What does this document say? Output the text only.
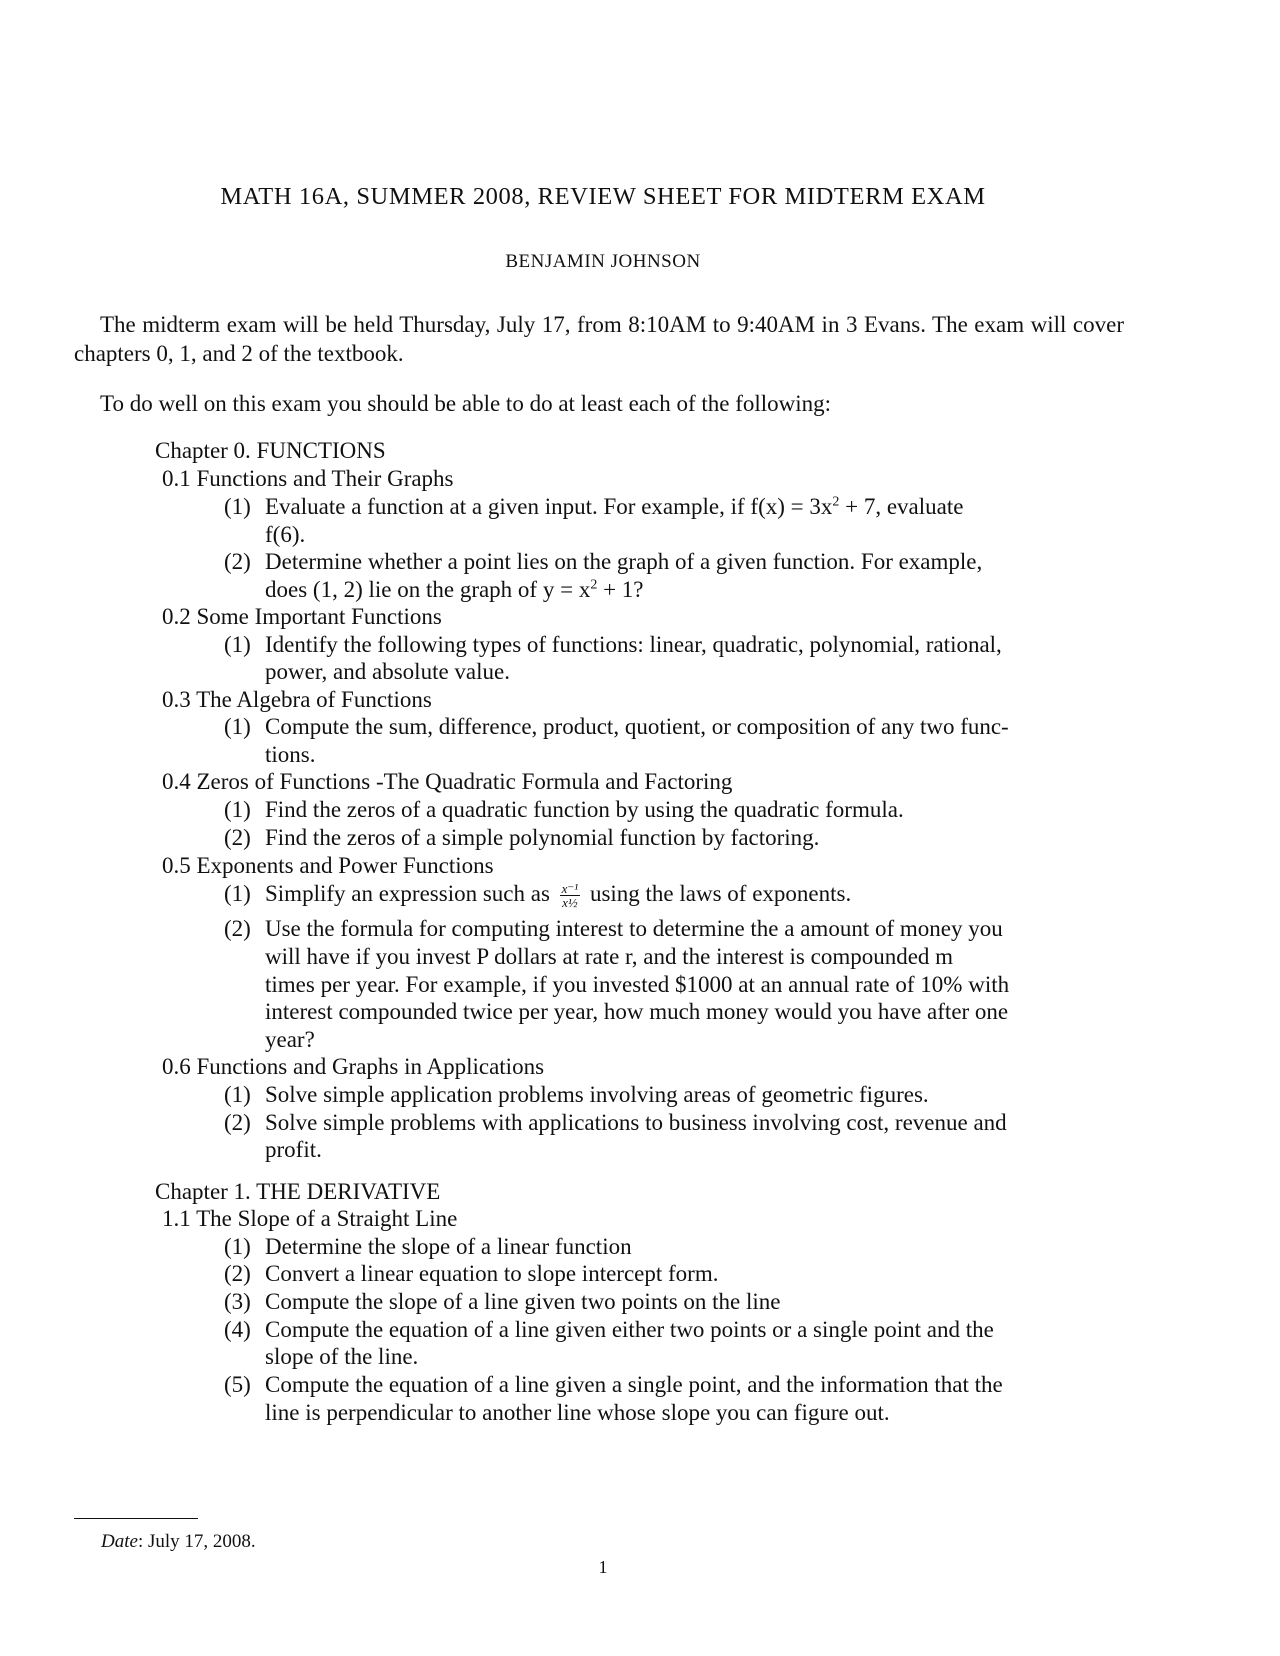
MATH 16A, SUMMER 2008, REVIEW SHEET FOR MIDTERM EXAM
BENJAMIN JOHNSON
The midterm exam will be held Thursday, July 17, from 8:10AM to 9:40AM in 3 Evans. The exam will cover chapters 0, 1, and 2 of the textbook.
To do well on this exam you should be able to do at least each of the following:
Chapter 0. FUNCTIONS
0.1 Functions and Their Graphs
(1) Evaluate a function at a given input. For example, if $f(x) = 3x^2 + 7$, evaluate
f(6).
(2) Determine whether a point lies on the graph of a given function. For example,
does (1, 2) lie on the graph of $y = x^2 + 1$?
0.2 Some Important Functions
(1) Identify the following types of functions: linear, quadratic, polynomial, rational,
power, and absolute value.
0.3 The Algebra of Functions
(1) Compute the sum, difference, product, quotient, or composition of any two func-
tions.
0.4 Zeros of Functions -The Quadratic Formula and Factoring
(1) Find the zeros of a quadratic function by using the quadratic formula.
(2) Find the zeros of a simple polynomial function by factoring.
0.5 Exponents and Power Functions
(1) Simplify an expression such as $\frac{\text{x⁻¹}}{\text{x½}}$ using the laws of exponents.
(2) Use the formula for computing interest to determine the a amount of money you
will have if you invest P dollars at rate r, and the interest is compounded m
times per year. For example, if you invested $1000 at an annual rate of 10% with
interest compounded twice per year, how much money would you have after one
year?
0.6 Functions and Graphs in Applications
(1) Solve simple application problems involving areas of geometric figures.
(2) Solve simple problems with applications to business involving cost, revenue and
profit.
Chapter 1. THE DERIVATIVE
1.1 The Slope of a Straight Line
(1) Determine the slope of a linear function
(2) Convert a linear equation to slope intercept form.
(3) Compute the slope of a line given two points on the line
(4) Compute the equation of a line given either two points or a single point and the
slope of the line.
(5) Compute the equation of a line given a single point, and the information that the
line is perpendicular to another line whose slope you can figure out.
Date: July 17, 2008.
1
